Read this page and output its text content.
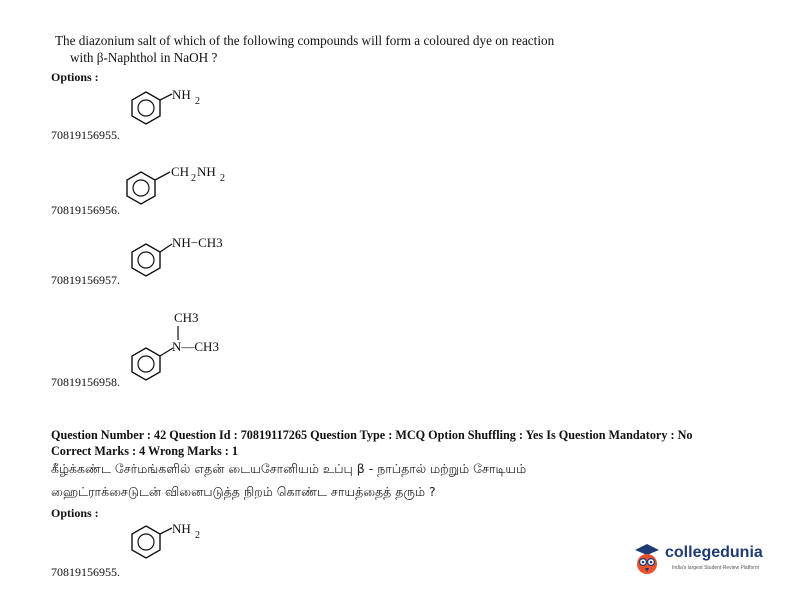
The diazonium salt of which of the following compounds will form a coloured dye on reaction
with β-Naphthol in NaOH ?
Options :
NH 2
70819156955.
CH 2 NH 2
70819156956.
NH−CH3
70819156957.
CH3
N—CH3
70819156958.
Question Number : 42 Question Id : 70819117265 Question Type : MCQ Option Shuffling : Yes Is Question Mandatory : No
Correct Marks : 4 Wrong Marks : 1
கீழ்க்கண்ட சேர்மங்களில் எதன் டையசோனியம் உப்பு β - நாப்தால் மற்றும் சோடியம்
ஹைட்ராக்சைடுடன் வினைபடுத்த நிறம் கொண்ட சாயத்தைத் தரும் ?
Options :
NH 2
70819156955.
collegedunia
India's largest Student Review Platform
